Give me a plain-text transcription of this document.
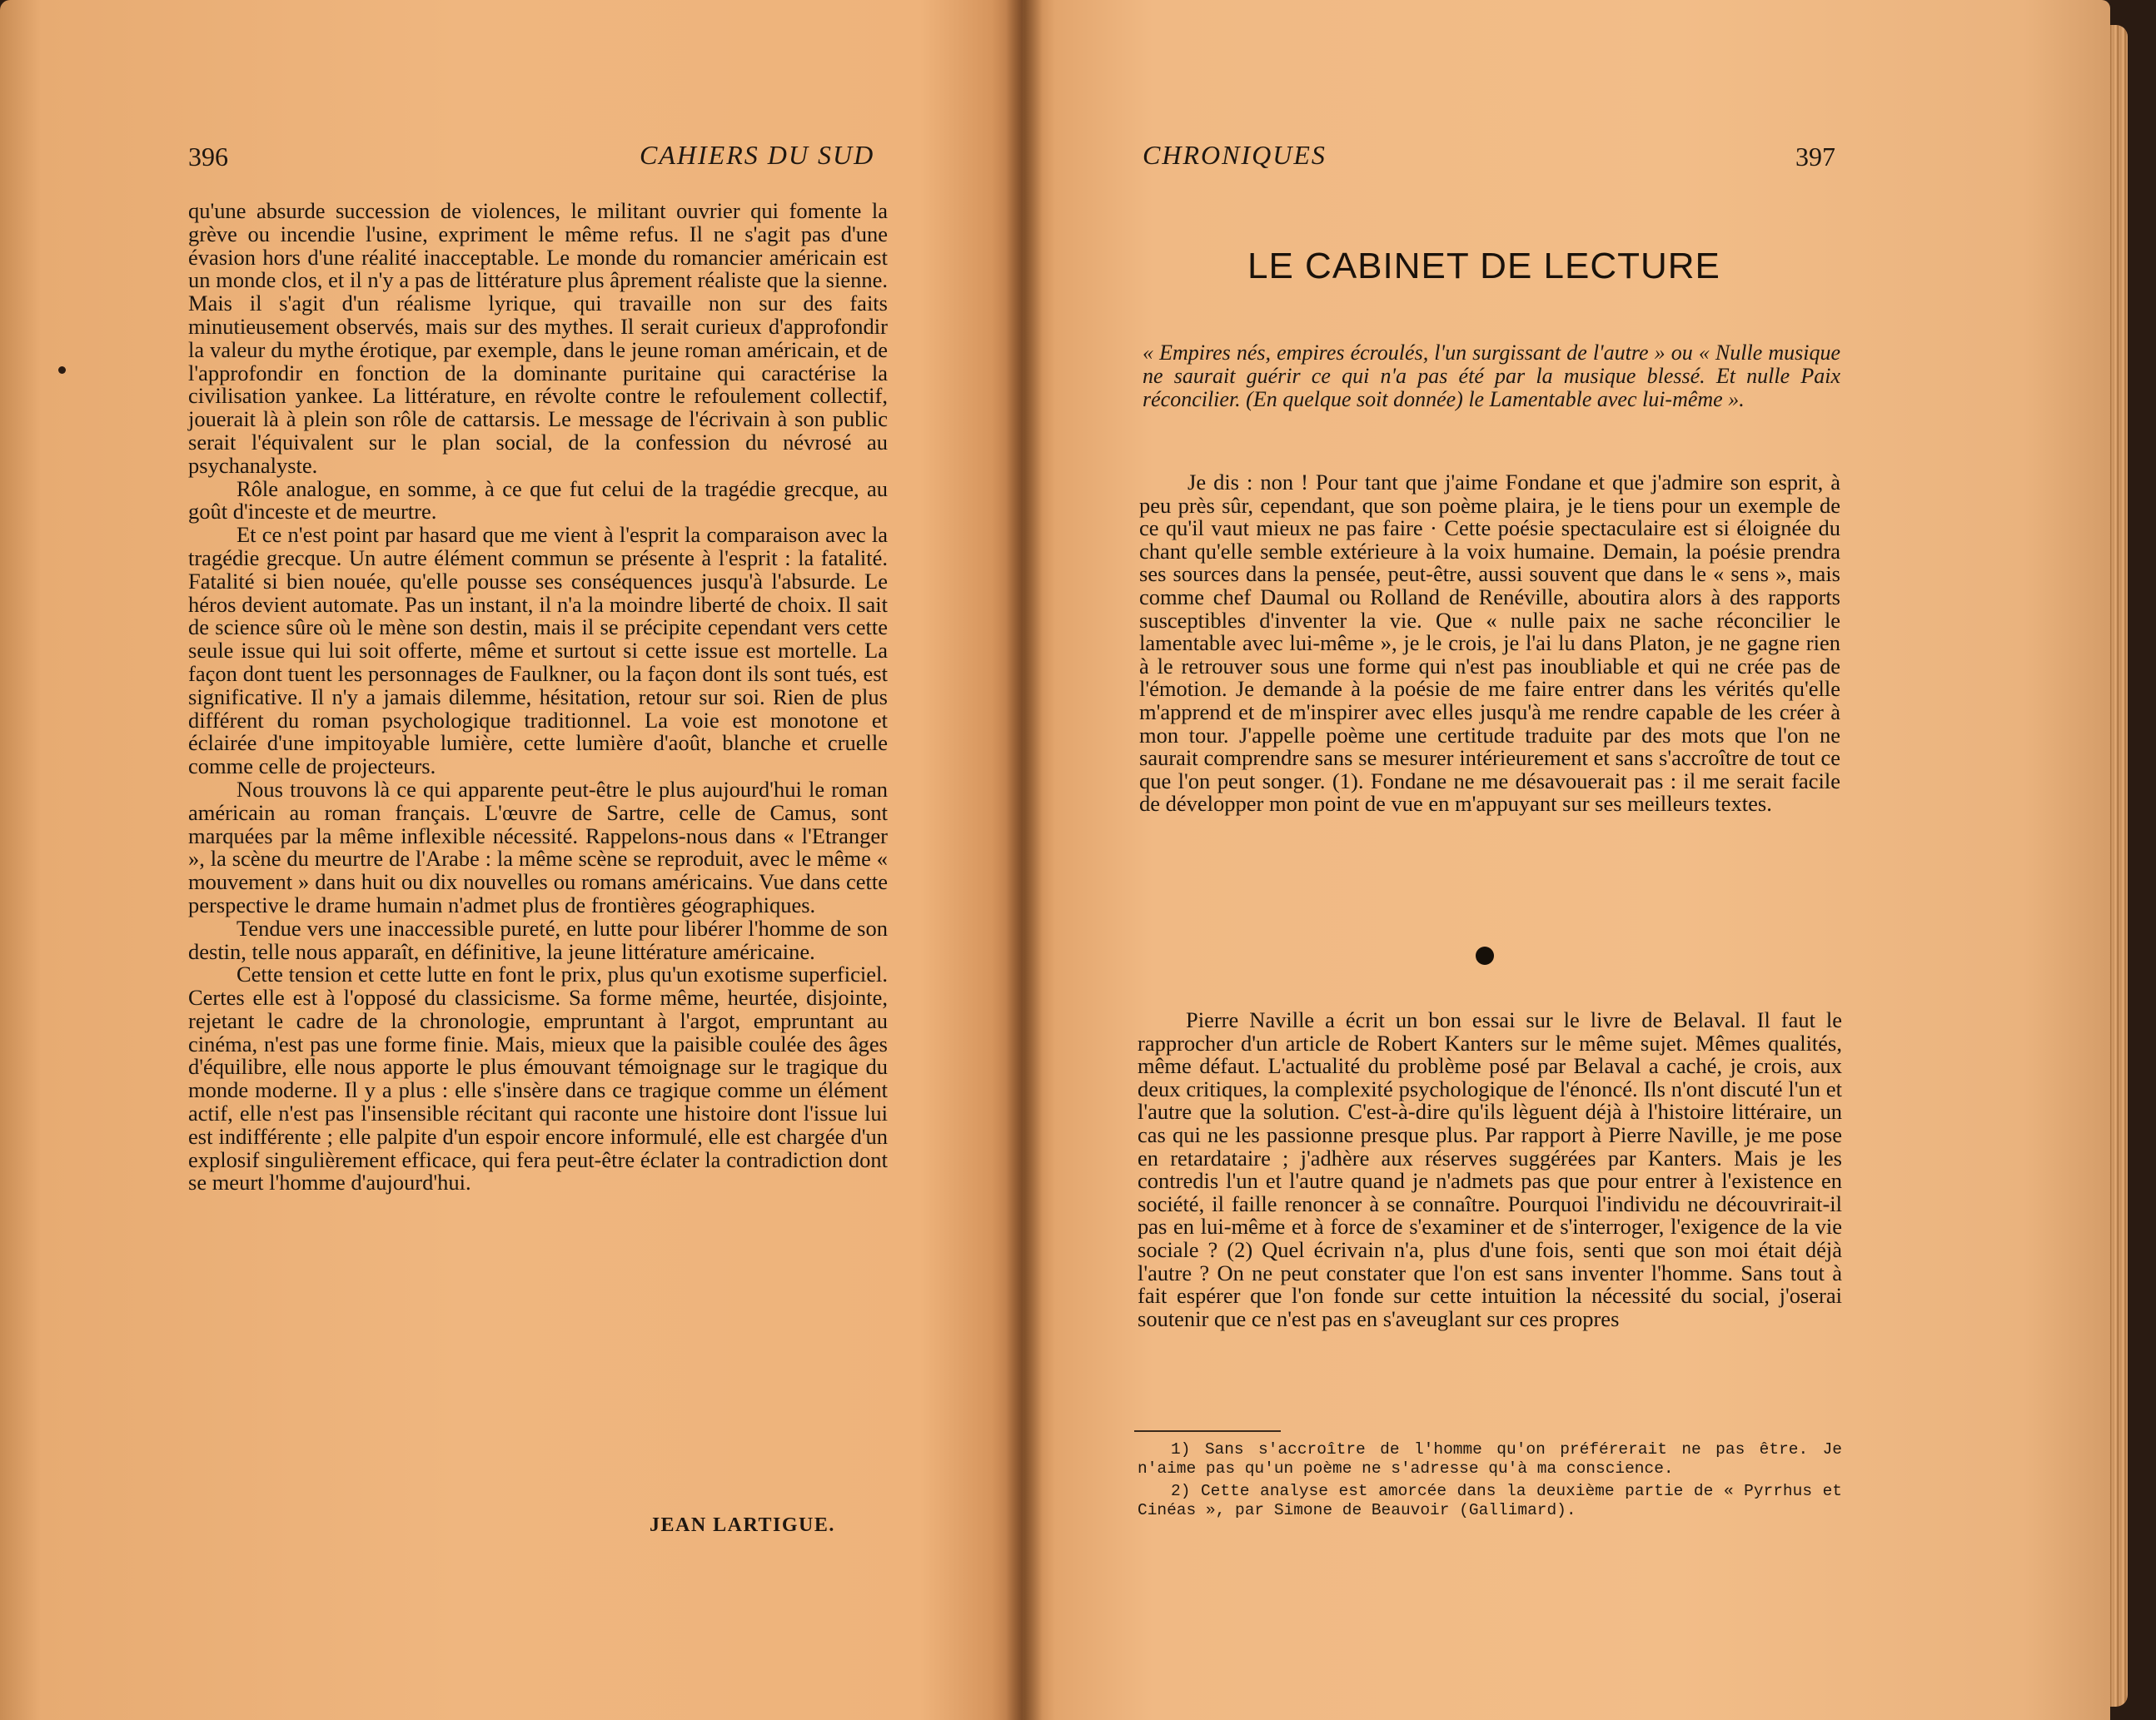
396	CAHIERS DU SUD

qu'une absurde succession de violences, le militant ouvrier qui fomente la grève ou incendie l'usine, expriment le même refus. Il ne s'agit pas d'une évasion hors d'une réalité inacceptable. Le monde du romancier américain est un monde clos, et il n'y a pas de littérature plus âprement réaliste que la sienne. Mais il s'agit d'un réalisme lyrique, qui travaille non sur des faits minutieusement observés, mais sur des mythes. Il serait curieux d'approfondir la valeur du mythe érotique, par exemple, dans le jeune roman américain, et de l'approfondir en fonction de la dominante puritaine qui caractérise la civilisation yankee. La littérature, en révolte contre le refoulement collectif, jouerait là à plein son rôle de cattarsis. Le message de l'écrivain à son public serait l'équivalent sur le plan social, de la confession du névrosé au psychanalyste.

Rôle analogue, en somme, à ce que fut celui de la tragédie grecque, au goût d'inceste et de meurtre.

Et ce n'est point par hasard que me vient à l'esprit la comparaison avec la tragédie grecque. Un autre élément commun se présente à l'esprit : la fatalité. Fatalité si bien nouée, qu'elle pousse ses conséquences jusqu'à l'absurde. Le héros devient automate. Pas un instant, il n'a la moindre liberté de choix. Il sait de science sûre où le mène son destin, mais il se précipite cependant vers cette seule issue qui lui soit offerte, même et surtout si cette issue est mortelle. La façon dont tuent les personnages de Faulkner, ou la façon dont ils sont tués, est significative. Il n'y a jamais dilemme, hésitation, retour sur soi. Rien de plus différent du roman psychologique traditionnel. La voie est monotone et éclairée d'une impitoyable lumière, cette lumière d'août, blanche et cruelle comme celle de projecteurs.

Nous trouvons là ce qui apparente peut-être le plus aujourd'hui le roman américain au roman français. L'œuvre de Sartre, celle de Camus, sont marquées par la même inflexible nécessité. Rappelons-nous dans « l'Etranger », la scène du meurtre de l'Arabe : la même scène se reproduit, avec le même « mouvement » dans huit ou dix nouvelles ou romans américains. Vue dans cette perspective le drame humain n'admet plus de frontières géographiques.

Tendue vers une inaccessible pureté, en lutte pour libérer l'homme de son destin, telle nous apparaît, en définitive, la jeune littérature américaine.

Cette tension et cette lutte en font le prix, plus qu'un exotisme superficiel. Certes elle est à l'opposé du classicisme. Sa forme même, heurtée, disjointe, rejetant le cadre de la chronologie, empruntant à l'argot, empruntant au cinéma, n'est pas une forme finie. Mais, mieux que la paisible coulée des âges d'équilibre, elle nous apporte le plus émouvant témoignage sur le tragique du monde moderne. Il y a plus : elle s'insère dans ce tragique comme un élément actif, elle n'est pas l'insensible récitant qui raconte une histoire dont l'issue lui est indifférente ; elle palpite d'un espoir encore informulé, elle est chargée d'un explosif singulièrement efficace, qui fera peut-être éclater la contradiction dont se meurt l'homme d'aujourd'hui.

JEAN LARTIGUE.
CHRONIQUES	397
LE CABINET DE LECTURE
« Empires nés, empires écroulés, l'un surgissant de l'autre » ou « Nulle musique ne saurait guérir ce qui n'a pas été par la musique blessé. Et nulle Paix réconcilier. (En quelque soit donnée) le Lamentable avec lui-même ».

Je dis : non ! Pour tant que j'aime Fondane et que j'admire son esprit, à peu près sûr, cependant, que son poème plaira, je le tiens pour un exemple de ce qu'il vaut mieux ne pas faire · Cette poésie spectaculaire est si éloignée du chant qu'elle semble extérieure à la voix humaine. Demain, la poésie prendra ses sources dans la pensée, peut-être, aussi souvent que dans le « sens », mais comme chef Daumal ou Rolland de Renéville, aboutira alors à des rapports susceptibles d'inventer la vie. Que « nulle paix ne sache réconcilier le lamentable avec lui-même », je le crois, je l'ai lu dans Platon, je ne gagne rien à le retrouver sous une forme qui n'est pas inoubliable et qui ne crée pas de l'émotion. Je demande à la poésie de me faire entrer dans les vérités qu'elle m'apprend et de m'inspirer avec elles jusqu'à me rendre capable de les créer à mon tour. J'appelle poème une certitude traduite par des mots que l'on ne saurait comprendre sans se mesurer intérieurement et sans s'accroître de tout ce que l'on peut songer. (1). Fondane ne me désavouerait pas : il me serait facile de développer mon point de vue en m'appuyant sur ses meilleurs textes.

Pierre Naville a écrit un bon essai sur le livre de Belaval. Il faut le rapprocher d'un article de Robert Kanters sur le même sujet. Mêmes qualités, même défaut. L'actualité du problème posé par Belaval a caché, je crois, aux deux critiques, la complexité psychologique de l'énoncé. Ils n'ont discuté l'un et l'autre que la solution. C'est-à-dire qu'ils lèguent déjà à l'histoire littéraire, un cas qui ne les passionne presque plus. Par rapport à Pierre Naville, je me pose en retardataire ; j'adhère aux réserves suggérées par Kanters. Mais je les contredis l'un et l'autre quand je n'admets pas que pour entrer à l'existence en société, il faille renoncer à se connaître. Pourquoi l'individu ne découvrirait-il pas en lui-même et à force de s'examiner et de s'interroger, l'exigence de la vie sociale ? (2) Quel écrivain n'a, plus d'une fois, senti que son moi était déjà l'autre ? On ne peut constater que l'on est sans inventer l'homme. Sans tout à fait espérer que l'on fonde sur cette intuition la nécessité du social, j'oserai soutenir que ce n'est pas en s'aveuglant sur ces propres

1) Sans s'accroître de l'homme qu'on préférerait ne pas être. Je n'aime pas qu'un poème ne s'adresse qu'à ma conscience.

2) Cette analyse est amorcée dans la deuxième partie de « Pyrrhus et Cinéas », par Simone de Beauvoir (Gallimard).
